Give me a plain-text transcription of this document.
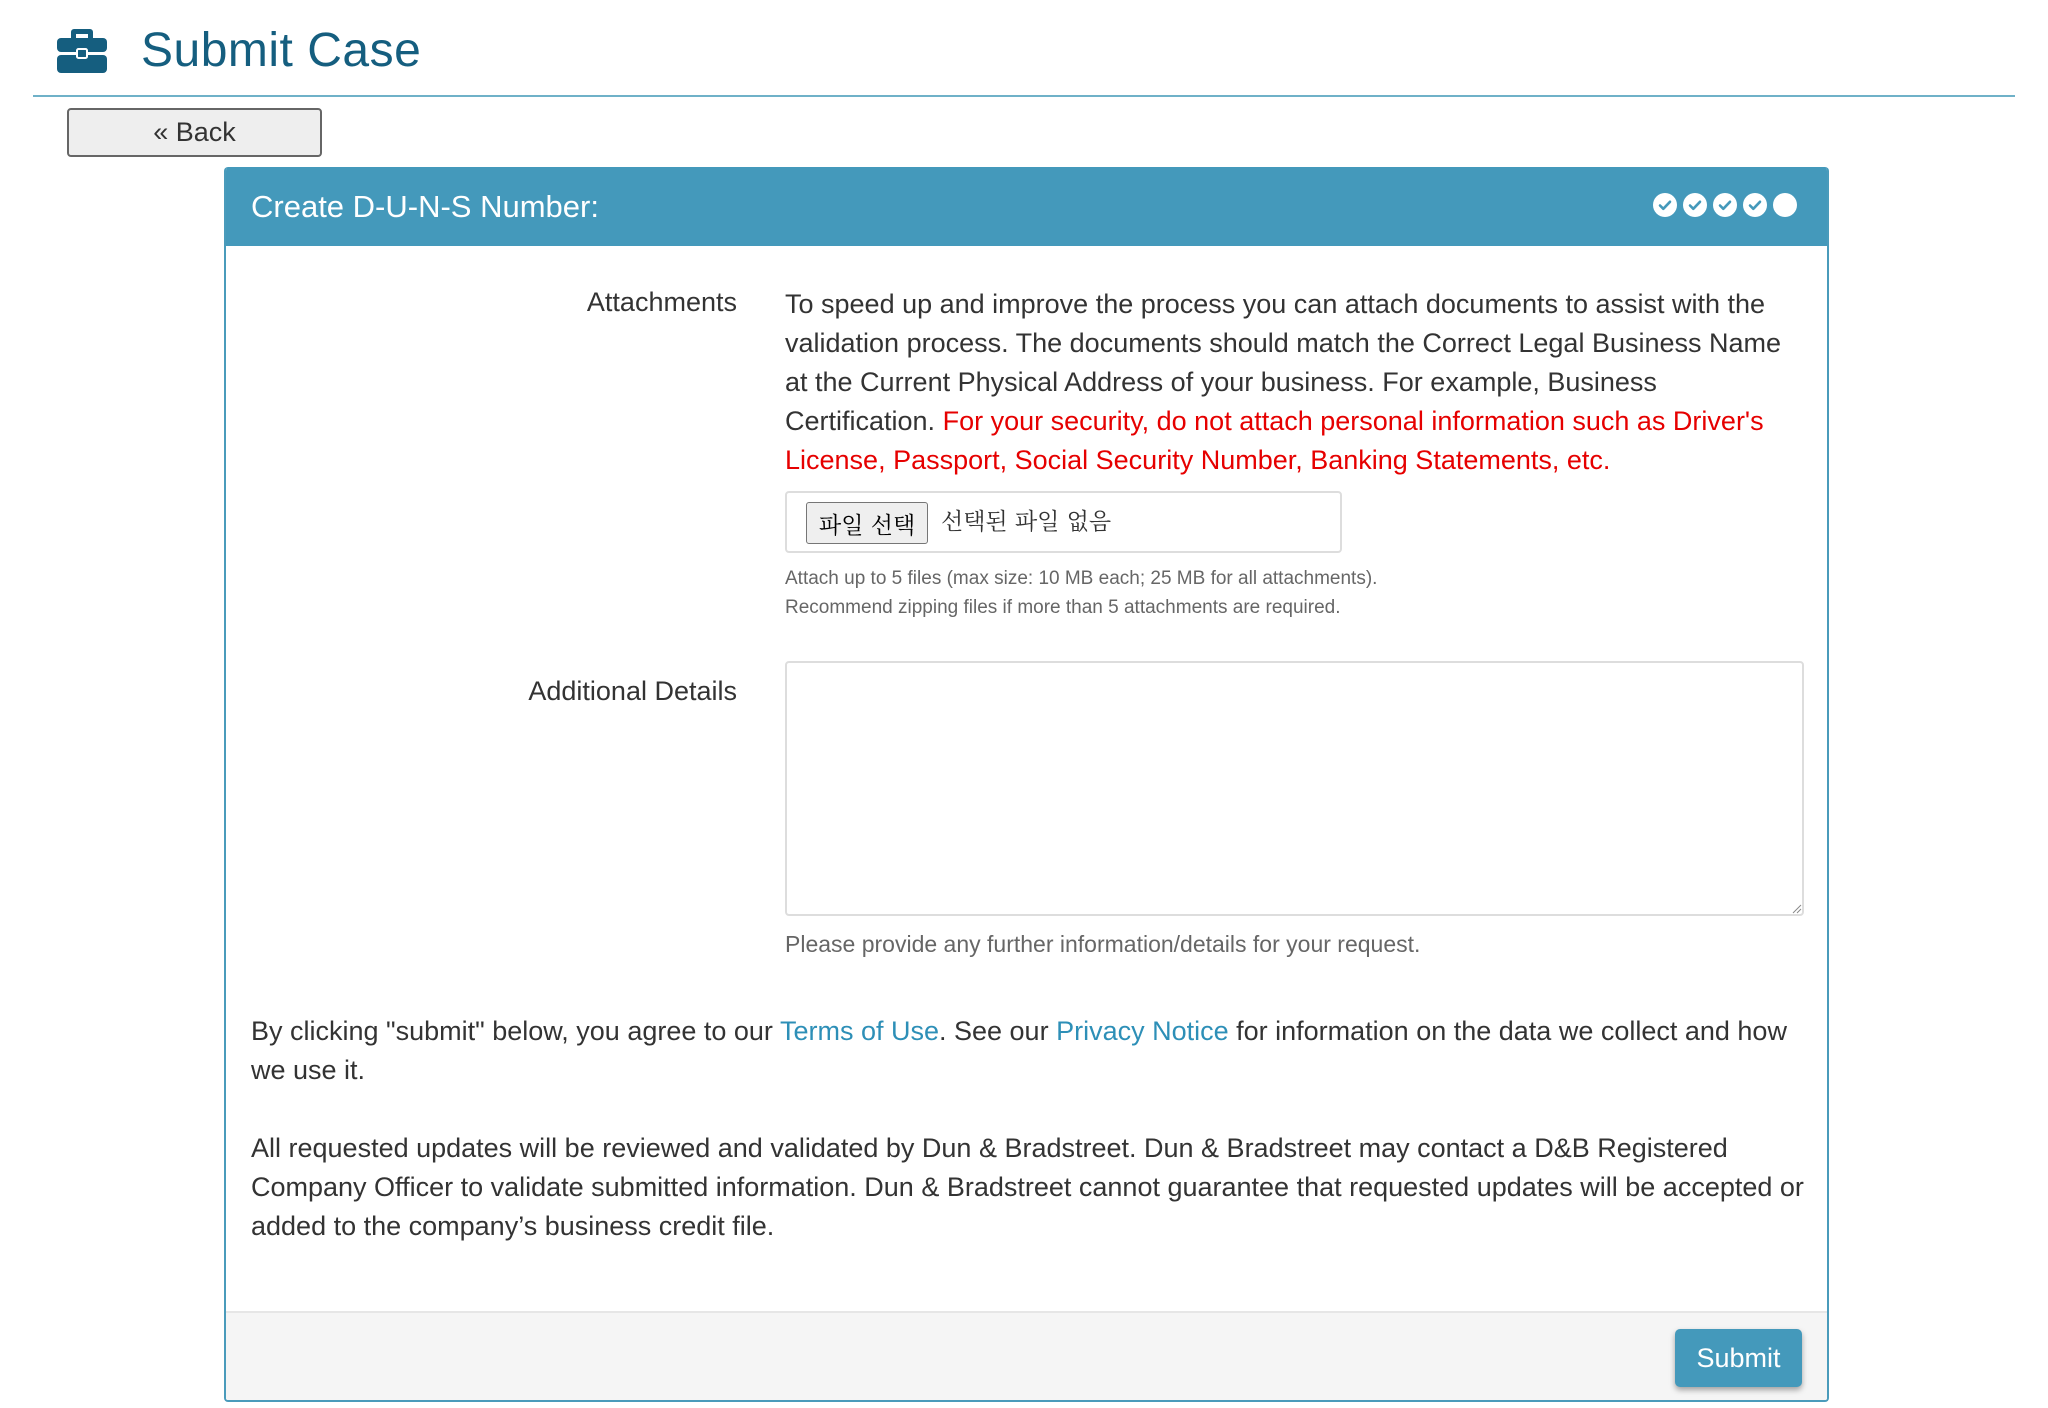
Submit Case
« Back
Create D-U-N-S Number:
Attachments To speed up and improve the process you can attach documents to assist with the validation process. The documents should match the Correct Legal Business Name at the Current Physical Address of your business. For example, Business Certification. For your security, do not attach personal information such as Driver's License, Passport, Social Security Number, Banking Statements, etc.
파일 선택	선택된 파일 없음
Attach up to 5 files (max size: 10 MB each; 25 MB for all attachments).
Recommend zipping files if more than 5 attachments are required.
Additional Details
Please provide any further information/details for your request.

By clicking "submit" below, you agree to our Terms of Use. See our Privacy Notice for information on the data we collect and how we use it.

All requested updates will be reviewed and validated by Dun & Bradstreet. Dun & Bradstreet may contact a D&B Registered Company Officer to validate submitted information. Dun & Bradstreet cannot guarantee that requested updates will be accepted or added to the company’s business credit file.

Submit
